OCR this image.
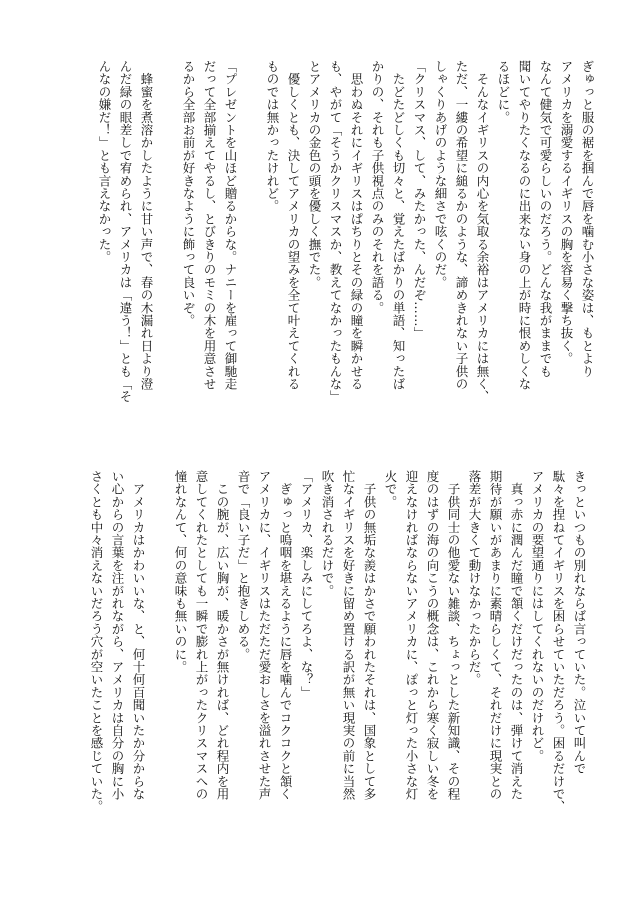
ぎゅっと服の裾を掴んで唇を噛む小さな姿は、もとより
アメリカを溺愛するイギリスの胸を容易く撃ち抜く。
なんて健気で可愛らしいのだろう。どんな我がままでも
聞いてやりたくなるのに出来ない身の上が時に恨めしくな
るほどに。
　そんなイギリスの内心を気取る余裕はアメリカには無く、
ただ、一縷の希望に縋るかのような、諦めきれない子供の
しゃくりあげのような細さで呟くのだ。
「クリスマス、して、みたかった、んだぞ……」
　たどたどしくも切々と、覚えたばかりの単語、知ったば
かりの、それも子供視点のみのそれを語る。
　思わぬそれにイギリスはぱちりとその緑の瞳を瞬かせる
も、やがて「そうかクリスマスか、教えてなかったもんな」
とアメリカの金色の頭を優しく撫でた。
　優しくとも、決してアメリカの望みを全て叶えてくれる
ものでは無かったけれど。
「プレゼントを山ほど贈るからな。ナニーを雇って御馳走
だって全部揃えてやるし、とびきりのモミの木を用意させ
るから全部お前が好きなように飾って良いぞ。
　蜂蜜を煮溶かしたように甘い声で、春の木漏れ日より澄
んだ緑の眼差しで宥められ、アメリカは「違う！」とも「そ
んなの嫌だ！」とも言えなかった。
きっといつもの別れならば言っていた。泣いて叫んで
駄々を捏ねてイギリスを困らせていただろう。困るだけで、
アメリカの要望通りにはしてくれないのだけれど。
　真っ赤に潤んだ瞳で頷くだけだったのは、弾けて消えた
期待が願いがあまりに素晴らしくて、それだけに現実との
落差が大きくて動けなかったからだ。
　子供同士の他愛ない雑談、ちょっとした新知識、その程
度のはずの海の向こうの概念は、これから寒く寂しい冬を
迎えなければならないアメリカに、ぽっと灯った小さな灯
火で。
　子供の無垢な羨はかさで願われたそれは、国象として多
忙なイギリスを好きに留め置ける訳が無い現実の前に当然
吹き消されるだけで。
「アメリカ、楽しみにしてろよ、な？」
　ぎゅっと嗚咽を堪えるように唇を噛んでコクコクと頷く
アメリカに、イギリスはただただ愛おしさを溢れさせた声
音で「良い子だ」と抱きしめる。
　この腕が、広い胸が、暖かさが無ければ、どれ程内を用
意してくれたとしても一瞬で膨れ上がったクリスマスへの
憧れなんて、何の意味も無いのに。
　アメリカはかわいいな、と、何十何百聞いたか分からな
い心からの言葉を注がれながら、アメリカは自分の胸に小
さくとも中々消えないだろう穴が空いたことを感じていた。
